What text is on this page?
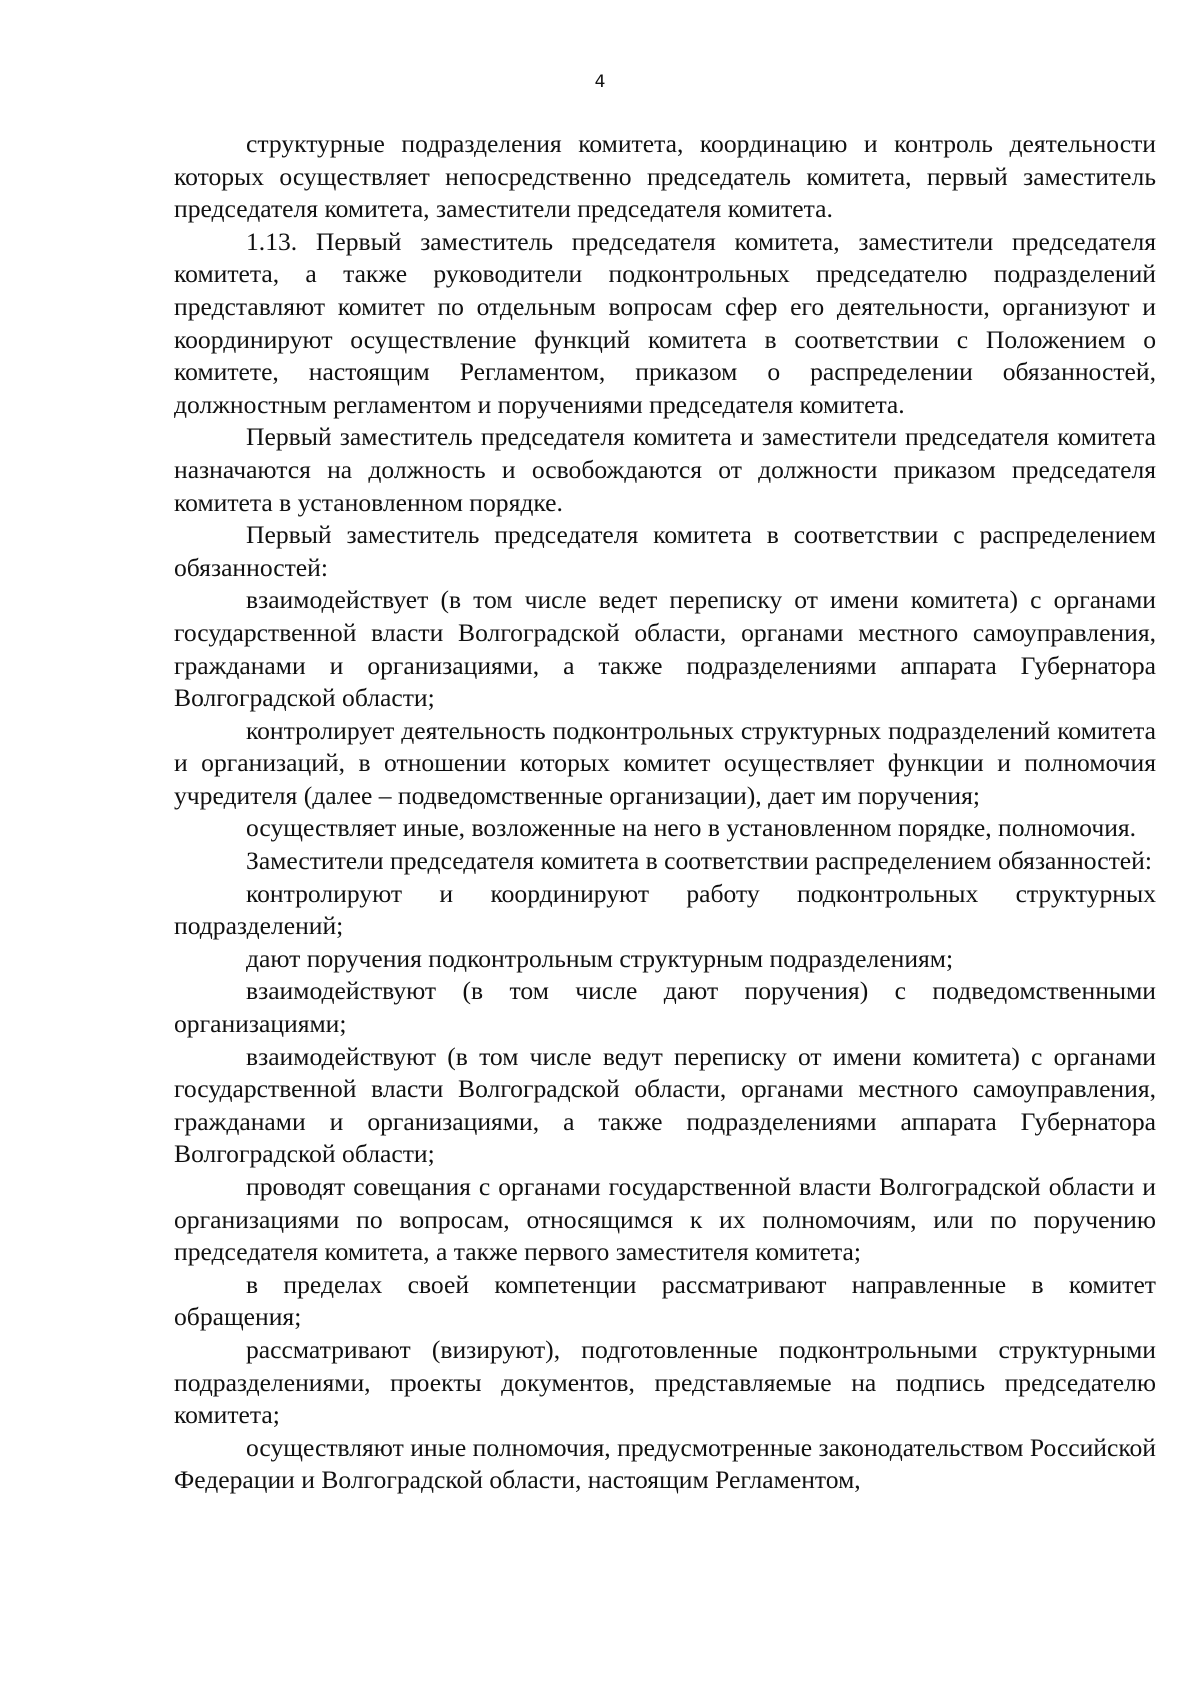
4

структурные подразделения комитета, координацию и контроль деятельности которых осуществляет непосредственно председатель комитета, первый заместитель председателя комитета, заместители председателя комитета.

1.13. Первый заместитель председателя комитета, заместители председателя комитета, а также руководители подконтрольных председателю подразделений представляют комитет по отдельным вопросам сфер его деятельности, организуют и координируют осуществление функций комитета в соответствии с Положением о комитете, настоящим Регламентом, приказом о распределении обязанностей, должностным регламентом и поручениями председателя комитета.

Первый заместитель председателя комитета и заместители председателя комитета назначаются на должность и освобождаются от должности приказом председателя комитета в установленном порядке.

Первый заместитель председателя комитета в соответствии с распределением обязанностей:

взаимодействует (в том числе ведет переписку от имени комитета) с органами государственной власти Волгоградской области, органами местного самоуправления, гражданами и организациями, а также подразделениями аппарата Губернатора Волгоградской области;

контролирует деятельность подконтрольных структурных подразделений комитета и организаций, в отношении которых комитет осуществляет функции и полномочия учредителя (далее – подведомственные организации), дает им поручения;

осуществляет иные, возложенные на него в установленном порядке, полномочия.

Заместители председателя комитета в соответствии распределением обязанностей:

контролируют и координируют работу подконтрольных структурных подразделений;

дают поручения подконтрольным структурным подразделениям;

взаимодействуют (в том числе дают поручения) с подведомственными организациями;

взаимодействуют (в том числе ведут переписку от имени комитета) с органами государственной власти Волгоградской области, органами местного самоуправления, гражданами и организациями, а также подразделениями аппарата Губернатора Волгоградской области;

проводят совещания с органами государственной власти Волгоградской области и организациями по вопросам, относящимся к их полномочиям, или по поручению председателя комитета, а также первого заместителя комитета;

в пределах своей компетенции рассматривают направленные в комитет обращения;

рассматривают (визируют), подготовленные подконтрольными структурными подразделениями, проекты документов, представляемые на подпись председателю комитета;

осуществляют иные полномочия, предусмотренные законодательством Российской Федерации и Волгоградской области, настоящим Регламентом,
